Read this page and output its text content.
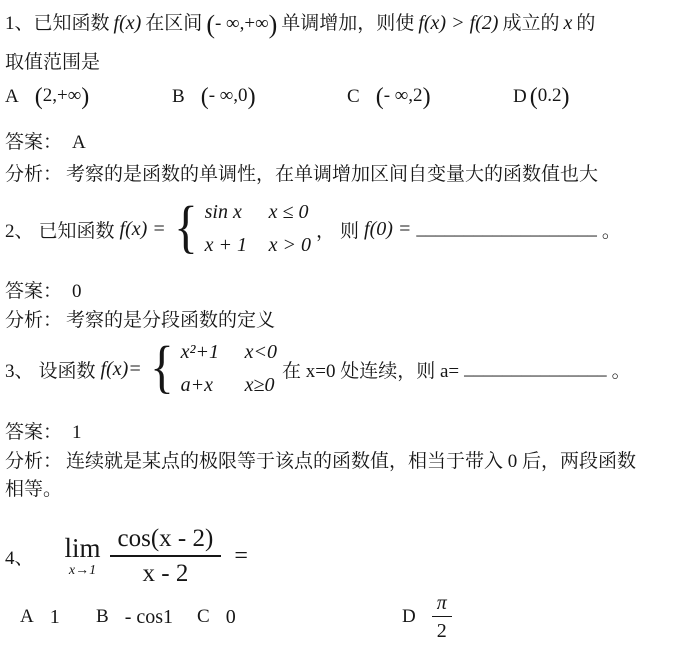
1、已知函数 f(x) 在区间 (- ∞,+∞) 单调增加，则使 f(x) > f(2) 成立的 x 的
取值范围是
A (2,+∞)	B (- ∞,0)	C (- ∞,2)	D (0.2)
答案： A
分析： 考察的是函数的单调性，在单调增加区间自变量大的函数值也大
2、 已知函数 f(x) = { sin x	x ≤ 0
x + 1	x > 0
， 则 f(0) = ___________________ 。
答案： 0
分析： 考察的是分段函数的定义
3、 设函数 f(x)= { x²+1	x<0
a+x	x≥0
在 x=0 处连续，则 a= _______________ 。
答案： 1
分析： 连续就是某点的极限等于该点的函数值，相当于带入 0 后，两段函数
相等。
4、 lim
$x\to 1 \frac{\cos(x - 2)}{x - 2}$ =
A 1 B - cos1 C 0	D $\frac{\pi}{2}$
